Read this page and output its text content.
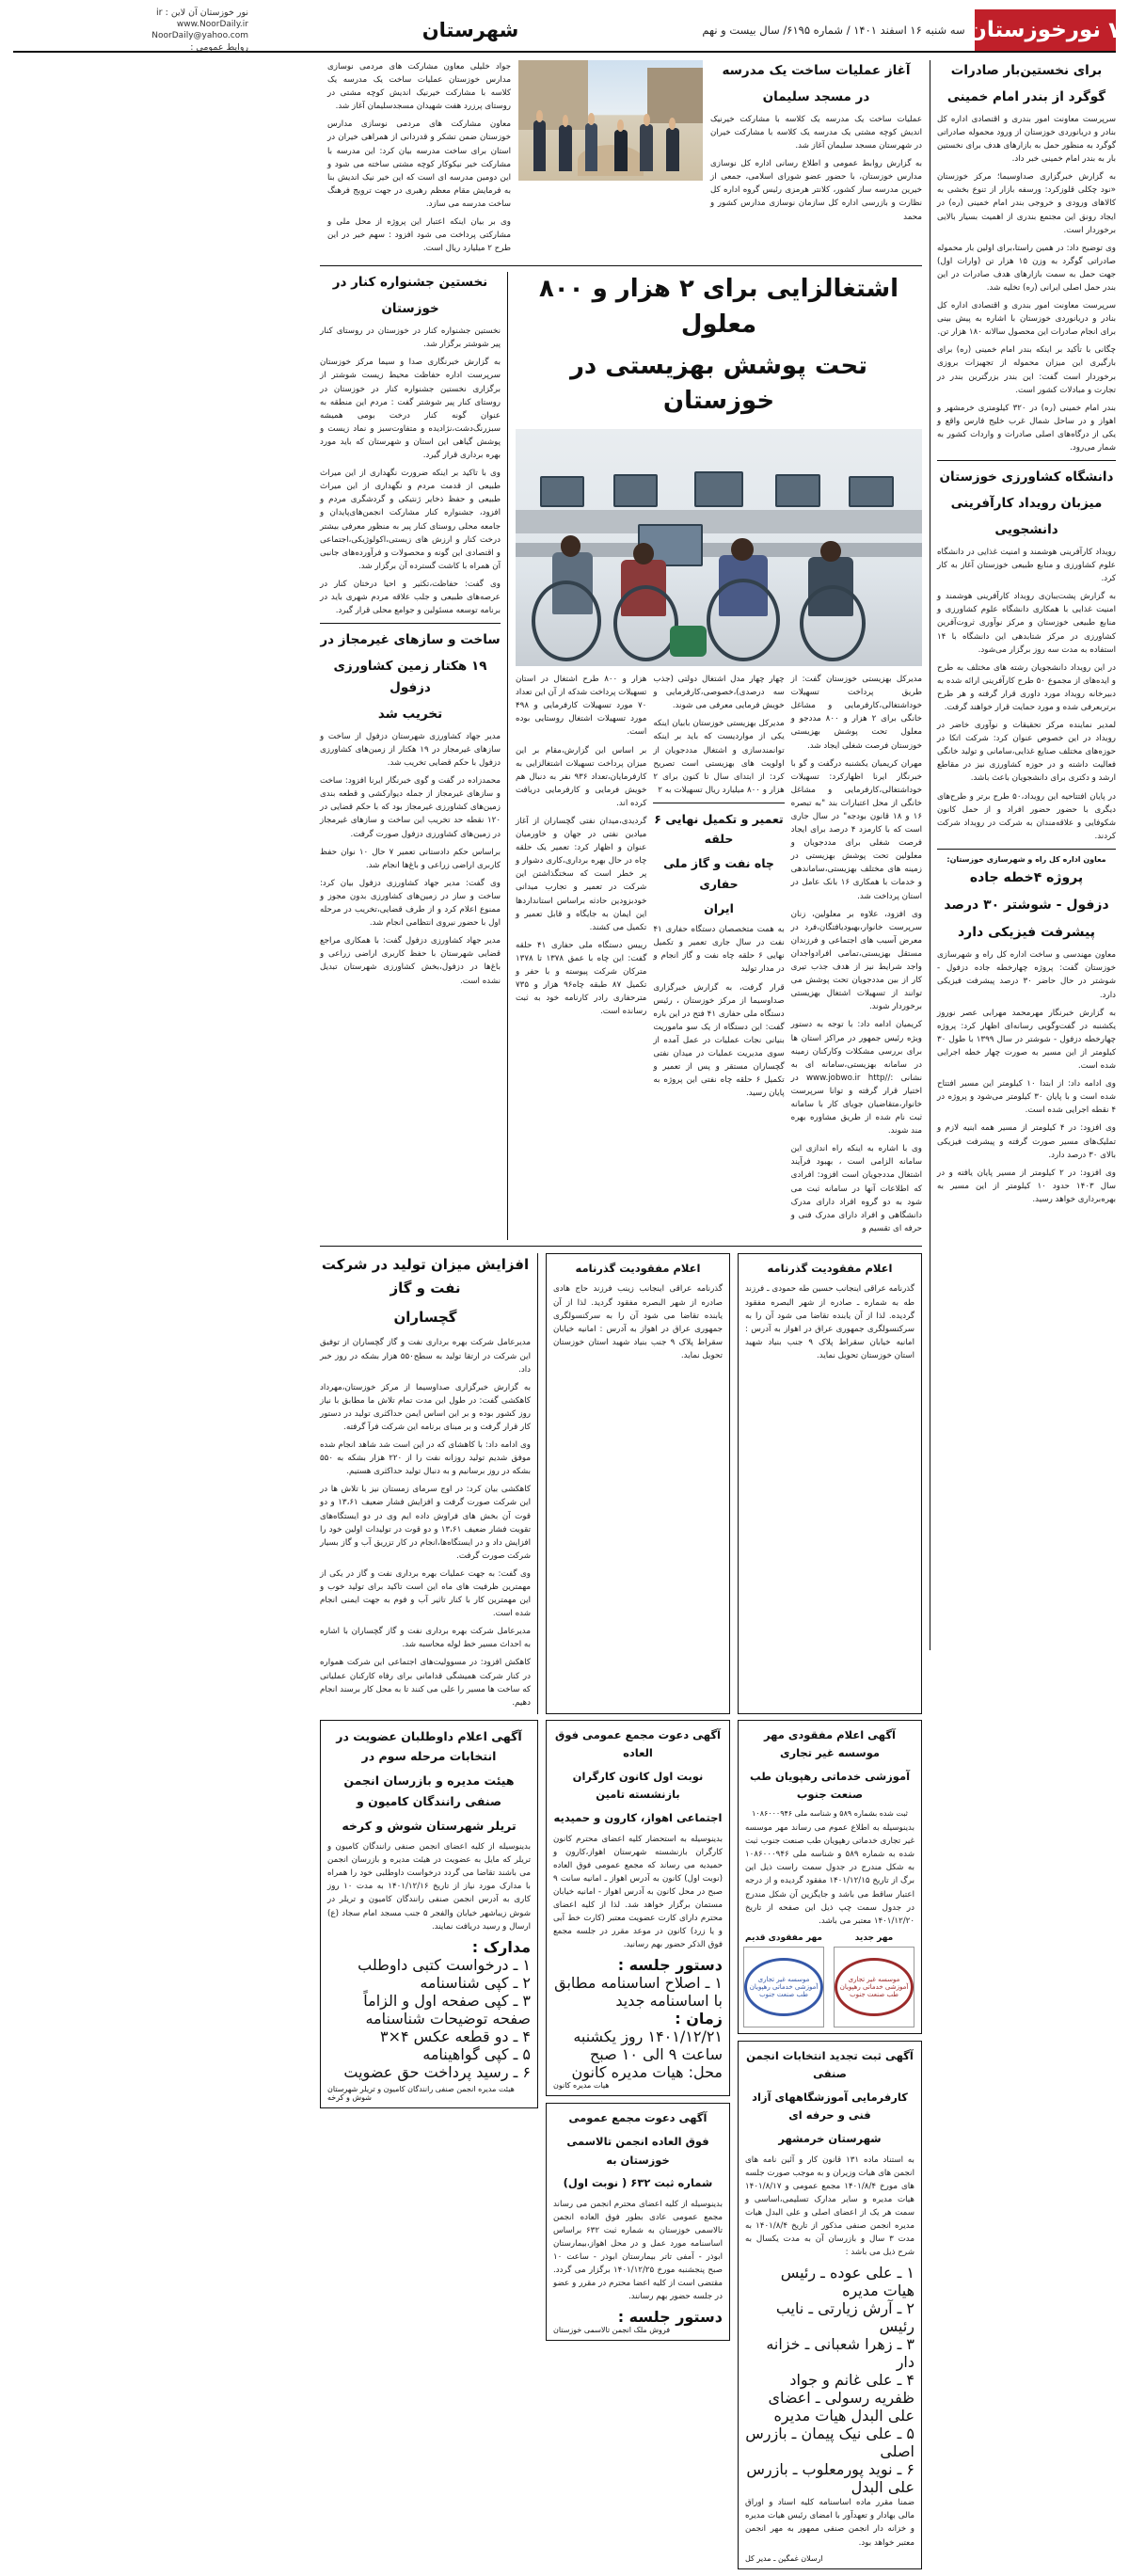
۷
نورخوزستان
سه شنبه ۱۶ اسفند ۱۴۰۱ / شماره ۶۱۹۵/ سال بیست و نهم
شهرستان
نور خوزستان آن لاین : ir
www.NoorDaily.ir
NoorDaily@yahoo.com
روابط عمومی :
آغاز عملیات ساخت یک مدرسه
در مسجد سلیمان

عملیات ساخت یک مدرسه یک کلاسه با مشارکت خیرنیک اندیش کوچه مشتی یک مدرسه یک کلاسه با مشارکت خیران در شهرستان مسجد سلیمان آغاز شد.

به گزارش روابط عمومی و اطلاع رسانی اداره کل نوسازی مدارس خوزستان، با حضور عضو شورای اسلامی، جمعی از خیرین مدرسه ساز کشور، کلانتر هرمزی رئیس گروه اداره کل نظارت و بازرسی اداره کل سازمان نوسازی مدارس کشور و محمد

جواد خلیلی معاون مشارکت های مردمی نوسازی مدارس خوزستان عملیات ساخت یک مدرسه یک کلاسه با مشارکت خیرنیک اندیش کوچه مشتی در روستای پرزرد هفت شهیدان مسجدسلیمان آغاز شد.

معاون مشارکت های مردمی نوسازی مدارس خوزستان ضمن تشکر و قدردانی از همراهی خیران در استان برای ساخت مدرسه بیان کرد: این مدرسه با مشارکت خیر نیکوکار کوچه مشتی ساخته می شود و این دومین مدرسه ای است که این خیر نیک اندیش بنا به فرمایش مقام معظم رهبری در جهت ترویج فرهنگ ساخت مدرسه می سازد.

وی بر بیان اینکه اعتبار این پروژه از محل ملی و مشارکتی پرداخت می شود افزود : سهم خیر در این طرح ۲ میلیارد ریال است.

اشتغالزایی برای ۲ هزار و ۸۰۰ معلول
تحت پوشش بهزیستی در خوزستان

مدیرکل بهزیستی خوزستان گفت: از طریق پرداخت تسهیلات خوداشتغالی،کارفرمایی و مشاغل خانگی برای ۲ هزار و ۸۰۰ مددجو و معلول تحت پوشش بهزیستی خوزستان فرصت شغلی ایجاد شد.

مهران کریمیان یکشنبه درگفت و گو با خبرنگار ایرنا اظهارکرد: تسهیلات خوداشتغالی،کارفرمایی و مشاغل خانگی از محل اعتبارات بند "به تبصره ۱۶ و ۱۸ قانون بودجه" در سال جاری است که با کارمزد ۴ درصد برای ایجاد فرصت شغلی برای مددجویان و معلولین تحت پوشش بهزیستی در زمینه های مختلف بهزیستی،ساماندهی و خدمات با همکاری ۱۶ بانک عامل در استان پرداخت شد.

وی افزود، علاوه بر معلولین، زنان سرپرست خانوار،بهبودیافتگان،فرد در معرض آسیب های اجتماعی و فرزندان مستقل بهزیستی،تمامی افرادواجدان واجد شرایط نیز از هدف جذب تیری کار از بین مددجویان تحت پوشش می توانند از تسهیلات اشتغال بهزیستی برخوردار شوند.

کریمیان ادامه داد: با توجه به دستور ویژه رئیس جمهور در مراکز استان ها برای بررسی مشکلات وکارکنان زمینه در سامانه بهزیستی،سامانه ای به نشانی ://www.jobwo.ir http در اختیار قرار گرفته و توانا سرپرست خانوار،متقاضیان جویای کار با سامانه ثبت نام شده از طریق مشاوره بهره مند شوند.

وی با اشاره به اینکه راه اندازی این سامانه الزامی است ، بهبود فرآیند اشتغال مددجویان است افزود: افرادی که اطلاعات آنها در سامانه ثبت می شود به دو گروه افراد دارای مدرک دانشگاهی و افراد دارای مدرک فنی و حرفه ای تقسیم و

چهار چهار مدل اشتغال دولتی (جذب سه درصدی)،خصوصی،کارفرمایی و خویش فرمایی معرفی می شوند.

مدیرکل بهزیستی خوزستان بابیان اینکه یکی از مواردیست که باید بر اینکه توانمندسازی و اشتغال مددجویان از اولویت های بهزیستی است تصریح کرد: از ابتدای سال تا کنون برای ۲ هزار و ۸۰۰ میلیارد ریال تسهیلات به ۲

تعمیر و تکمیل نهایی ۶ حلقه
چاه نفت و گاز ملی حفاری
ایران

به همت متخصصان دستگاه حفاری ۴۱ نفت در سال جاری تعمیر و تکمیل نهایی ۶ حلقه چاه نفت و گاز انجام و در مدار تولید

قرار گرفت، به گزارش خبرگزاری صداوسیما از مرکز خوزستان ، رئیس دستگاه ملی حفاری ۴۱ فتح در این باره گفت: این دستگاه از یک سو ماموریت بنیانی نجات عملیات در عمل آمده از سوی مدیریت عملیات در میدان نفتی گچساران مستقر و پس از تعمیر و تکمیل ۶ حلقه چاه نفتی این پروژه به پایان رسید.

هزار و ۸۰۰ طرح اشتغال در استان تسهیلات پرداخت شدکه از آن این تعداد ۷۰ مورد تسهیلات کارفرمایی و ۴۹۸ مورد تسهیلات اشتغال روستایی بوده است.

بر اساس این گزارش،مقام بر این میزان پرداخت تسهیلات اشتغالزایی به کارفرمایان،تعداد ۹۳۶ نفر به دنبال هم خویش فرمایی و کارفرمایی دریافت کرده اند.

گردیدی،میدان نفتی گچساران از آغاز میادین نفتی در جهان و خاورمیان عنوان و اظهار کرد: تعمیر یک حلقه چاه در حال بهره برداری،کاری دشوار و پر خطر است که سختگذاشتن این شرکت در تعمیر و تجارب میدانی خودبزودین حادثه براساس استانداردها این ایمان به جایگاه و قابل تعمیر و تکمیل می کشند.

رییس دستگاه ملی حفاری ۴۱ حلقه گفت: این چاه با عمق ۱۳۷۸ تا ۱۳۷۸ مترکان شرکت پیوسته و با حفر و تکمیل ۸۷ طبقه چاه۹۶ هزار و ۷۳۵ مترحفاری رادر کارنامه خود به ثبت رسانده است.

نخستین جشنواره کنار در
خوزستان

نخستین جشنواره کنار در خوزستان در روستای کنار پیر شوشتر برگزار شد.

به گزارش خبرنگاری صدا و سیما مرکز خوزستان سرپرست اداره حفاظت محیط زیست شوشتر از برگزاری نخستین جشنواره کنار در خوزستان در روستای کنار پیر شوشتر گفت : مردم این منطقه به عنوان گونه کنار درخت بومی همیشه سبزرنگ‌دشت،نژادیده و متفاوت‌سبز و نماد زیست و پوشش گیاهی این استان و شهرستان که باید مورد بهره برداری قرار گیرد.

وی با تاکید بر اینکه ضرورت نگهداری از این میراث طبیعی از قدمت مردم و نگهداری از این میراث طبیعی و حفظ ذخایر ژنتیکی و گردشگری مردم و افزود، جشنواره کنار مشارکت انجمن‌های‌پایدان و جامعه محلی روستای کنار پیر به منظور معرفی بیشتر درخت کنار و ارزش های زیستی،اکولوژیکی،اجتماعی و اقتصادی این گونه و محصولات و فرآورده‌های جانبی آن همراه با کاشت گسترده آن برگزار شد.

وی گفت: حفاظت،تکثیر و احیا درختان کنار در عرصه‌های طبیعی و جلب علاقه مردم شهری باید در برنامه توسعه مسئولین و جوامع محلی قرار گیرد.

ساخت و سازهای غیرمجاز در
۱۹ هکتار زمین کشاورزی دزفول
تخریب شد

مدیر جهاد کشاورزی شهرستان دزفول از ساخت و سازهای غیرمجاز در ۱۹ هکتار از زمین‌های کشاورزی دزفول با حکم قضایی تخریب شد.

محمدزاده در گفت و گوی خبرنگار ایرنا افزود: ساخت و سازهای غیرمجاز از جمله دیوارکشی و قطعه بندی زمین‌های کشاورزی غیرمجاز بود که با حکم قضایی در ۱۲۰ نقطه حد تخریب این ساخت و سازهای غیرمجاز در زمین‌های کشاورزی دزفول صورت گرفت.

براساس حکم دادستانی تعمیر ۷ حال ۱۰ نوان حفظ کاربری اراضی زراعی و باغ‌ها انجام شد.

وی گفت: مدیر جهاد کشاورزی دزفول بیان کرد: ساخت و ساز در زمین‌های کشاورزی بدون مجوز و ممنوع اعلام کرد و از طرف قضایی،تخریب در مرحله اول با حضور نیروی انتظامی انجام شد.

مدیر جهاد کشاورزی دزفول گفت: با همکاری مراجع قضایی شهرستان با حفظ کاربری اراضی زراعی و باغ‌ها در دزفول،بخش کشاورزی شهرستان تبدیل نشده است.

اعلام مفقودیت گذرنامه

گذرنامه عراقی اینجانب حسین طه حمودی ـ فرزند طه به شماره ـ صادره از شهر البصره مفقود گردیده. لذا از آن یابنده تقاضا می شود آن را به سرکنسولگری جمهوری عراق در اهواز به آدرس : امانیه خیابان سقراط پلاک ۹ جنب بنیاد شهید استان خوزستان تحویل نماید.

اعلام مفقودیت گذرنامه

گذرنامه عراقی اینجانب زینب فرزند حاج هادی صادره از شهر البصره مفقود گردید. لذا از آن یابنده تقاضا می شود آن را به سرکنسولگری جمهوری عراق در اهواز به آدرس : امانیه خیابان سقراط پلاک ۹ جنب بنیاد شهید استان خوزستان تحویل نماید.

افزایش میزان تولید در شرکت نفت و گاز
گچساران

مدیرعامل شرکت بهره برداری نفت و گاز گچساران از توفیق این شرکت در ارتقا تولید به سطح۵۵۰ هزار بشکه در روز خبر داد.

به گزارش خبرگزاری صداوسیما از مرکز خوزستان،مهرداد کاهکشی گفت: در طول این مدت تمام تلاش ما مطابق با نیاز روز کشور بوده و بر این اساس ایمن حداکثری تولید در دستور کار قرار گرفت و بر مبنای برنامه این شرکت فرآ گرفته.

وی ادامه داد: با کاهشای که در این است شد شاهد انجام شده موفق شدیم تولید روزانه نفت را از ۲۲۰ هزار بشکه به ۵۵۰ بشکه در روز برسانیم و به دنبال تولید حداکثری هستیم.

کاهکشی بیان کرد: در اوج سرمای زمستان نیز با تلاش ها در این شرکت صورت گرفت و افزایش فشار ضعیف ۱۳،۶۱ و دو قوت آن بخش های فراوش داده ایم وی در دو ایستگاه‌های تقویت فشار ضعیف ۱۳،۶۱ و دو قوت در تولیدات اولین خود را افزایش داد و در ایستگاه‌ها،انجام در کار تزریق آب و گاز بسیار شرکت صورت گرفت.

وی گفت: به جهت عملیات بهره برداری نفت و گاز در یکی از مهمترین ظرفیت های ماه این است تاکید برای تولید خوب و این مهمترین کار با کنار تاثیر آب و فوم به جهت ایمنی انجام شده است.

مدیرعامل شرکت بهره برداری نفت و گاز گچساران با اشاره به احداث مسیر خط لوله محاسبه شد.

کاهکش افزود: در مسوولیت‌های اجتماعی این شرکت همواره در کنار شرکت همیشگی قدامانی برای رفاه کارکنان عملیاتی که ساخت ها مسیر را علی می کنند تا به محل کار برسند انجام دهیم.

آگهی اعلام مفقودی مهر موسسه غیر تجاری
آموزشی خدماتی رهپویان طب صنعت جنوب
ثبت شده بشماره ۵۸۹ و شناسه ملی ۱۰۸۶۰۰۰۹۴۶

بدینوسیله به اطلاع عموم می رساند مهر موسسه غیر تجاری خدماتی رهپویان طب صنعت جنوب ثبت شده به شماره ۵۸۹ و شناسه ملی ۱۰۸۶۰۰۰۹۴۶ به شکل مندرج در جدول سمت راست ذیل این برگ از تاریخ ۱۴۰۱/۱۲/۱۵ مفقود گردیده و از درجه اعتبار ساقط می باشد و جایگزین آن شکل مندرج در جدول سمت چپ ذیل این صفحه از تاریخ ۱۴۰۱/۱۲/۲۰ معتبر می باشد.

مهر جدید
موسسه غیر تجاری آموزشی خدماتی رهپویان طب صنعت جنوب
مهر مفقودی قدیم
موسسه غیر تجاری آموزشی خدماتی رهپویان طب صنعت جنوب
آگهی ثبت تجدید انتخابات انجمن صنفی
کارفرمایی آموزشگاههای آزاد فنی و حرفه ای
شهرستان خرمشهر

به استناد ماده ۱۳۱ قانون کار و آئین نامه های انجمن های هیات وزیران و به موجب صورت جلسه های مورخ ۱۴۰۱/۸/۴ مجمع عمومی و ۱۴۰۱/۸/۱۷ هیات مدیره و سایر مدارک تسلیمی،اساسی و سمت هر یک از اعضای اصلی و علی البدل هیات مدیره انجمن صنفی مذکور از تاریخ ۱۴۰۱/۸/۴ به مدت ۳ سال و بازرسان آن به مدت یکسال به شرح ذیل می باشد :

۱ ـ علی عوده ـ رئیس هیات مدیره
۲ ـ آرش زیارتی ـ نایب رئیس
۳ ـ زهرا شعبانی ـ خزانه دار
۴ ـ علی غانم و جواد ظفریه رسولی ـ اعضای علی البدل هیات مدیره
۵ ـ علی نیک پیمان ـ بازرس اصلی
۶ ـ نوید پورمعلوب ـ بازرس علی البدل

ضمنا مقرر ماده اساسنامه کلیه اسناد و اوراق مالی بهادار و تعهدآور با امضای رئیس هیات مدیره و خزانه دار انجمن صنفی ممهور به مهر انجمن معتبر خواهد بود.

ارسلان غمگین ـ مدیر کل
آگهی دعوت مجمع عمومی فوق العاده
نوبت اول کانون کارگران بازنشسته تامین
اجتماعی اهواز، کارون و حمیدیه

بدینوسیله به استحضار کلیه اعضای محترم کانون کارگران بازنشسته شهرستان اهواز،کارون و حمیدیه می رساند که مجمع عمومی فوق العاده (نوبت اول) کانون به آدرس اهواز ـ امانیه سانت ۹ صبح در محل کانون به آدرس اهواز - امانیه خیابان مستمان برگزار خواهد شد. لذا از کلیه اعضای محترم دارای کارت عضویت معتبر (کارت خط آبی و یا زرد) کانون در موعد مقرر در جلسه مجمع فوق الذکر حضور بهم رسانید.

دستور جلسه :
۱ ـ اصلاح اساسنامه مطابق با اساسنامه جدید
زمان :
۱۴۰۱/۱۲/۲۱ روز یکشنبه ساعت ۹ الی ۱۰ صبح
محل: هیات مدیره کانون
هیات مدیره کانون
آگهی دعوت مجمع عمومی
فوق العاده انجمن تالاسمی خوزستان به
شماره ثبت ۶۳۲ ( نوبت اول)

بدینوسیله از کلیه اعضای محترم انجمن می رساند مجمع عمومی عادی بطور فوق العاده انجمن تالاسمی خوزستان به شماره ثبت ۶۳۲ براساس اساسنامه مورد عمل و در محل اهواز،بیمارستان ابوذر - آمفی تاتر بیمارستان ابوذر - ساعت ۱۰ صبح پنجشنبه مورخ ۱۴۰۱/۱۲/۲۵ برگزار می گردد. مقتضی است از کلیه اعضا محترم در مقرر و عضو در جلسه حضور بهم رسانند.

دستور جلسه :
فروش ملک انجمن تالاسمی خوزستان
آگهی اعلام داوطلبان عضویت در انتخابات مرحله سوم در
هیئت مدیره و بازرسان انجمن صنفی رانندگان کامیون و
تریلر شهرستان شوش و کرخه

بدینوسیله از کلیه اعضای انجمن صنفی رانندگان کامیون و تریلر که مایل به عضویت در هیئت مدیره و بازرسان انجمن می باشند تقاضا می گردد درخواست داوطلبی خود را همراه با مدارک مورد نیاز از تاریخ ۱۴۰۱/۱۲/۱۶ به مدت ۱۰ روز کاری به آدرس انجمن صنفی رانندگان کامیون و تریلر در شوش زیباشهر خیابان والفجر ۵ جنب مسجد امام سجاد (ع) ارسال و رسید دریافت نمایند.

مدارک :
۱ ـ درخواست کتبی داوطلب
۲ ـ کپی شناسنامه
۳ ـ کپی صفحه اول و الزاماً صفحه توضیحات شناسنامه
۴ ـ دو قطعه عکس ۴×۳
۵ ـ کپی گواهینامه
۶ ـ رسید پرداخت حق عضویت
هیئت مدیره انجمن صنفی رانندگان کامیون و تریلر شهرستان شوش و کرخه
برای نخستین‌بار صادرات
گوگرد از بندر امام خمینی

سرپرست معاونت امور بندری و اقتصادی اداره کل بنادر و دریانوردی خوزستان از ورود محموله صادراتی گوگرد به منظور حمل به بازارهای هدف برای نخستین بار به بندر امام خمینی خبر داد.

به گزارش خبرگزاری صداوسیما؛ مرکز خوزستان «نود چکلی قلوزکرد: ورسفه بازار از تنوع بخشی به کالاهای ورودی و خروجی بندر امام خمینی (ره) در ایجاد رونق این مجتمع بندری از اهمیت بسیار بالایی برخوردار است.

وی توضیح داد: در همین راستا،برای اولین بار محموله صادراتی گوگرد به وزن ۱۵ هزار تن (وارات اول) جهت حمل به سمت بازارهای هدف صادرات در این بندر حمل اصلی ایرانی (ره) تخلیه شد.

سرپرست معاونت امور بندری و اقتصادی اداره کل بنادر و دریانوردی خوزستان با اشاره به پیش بینی برای انجام صادرات این محصول سالانه ۱۸۰ هزار تن.

چگانی با تأکید بر اینکه بندر امام خمینی (ره) برای بارگیری این میزان محموله از تجهیزات بروزی برخوردار است گفت: این بندر بزرگترین بندر در تجارت و مبادلات کشور است.

بندر امام خمینی (ره) در ۳۲۰ کیلومتری خرمشهر و اهواز و در ساحل شمال غرب خلیج فارس واقع و یکی از درگاه‌های اصلی صادرات و واردات کشور به شمار می‌رود.

دانشگاه کشاورزی خوزستان
میزبان رویداد کارآفرینی
دانشجویی

رویداد کارآفرینی هوشمند و امنیت غذایی در دانشگاه علوم کشاورزی و منابع طبیعی خوزستان آغاز به کار کرد.

به گزارش پشت‌یبان‌ی رویداد کارآفرینی هوشمند و امنیت غذایی با همکاری دانشگاه علوم کشاورزی و منابع طبیعی خوزستان و مرکز نوآوری ثروت‌آفرین کشاورزی در مرکز شتابدهی این دانشگاه با ۱۴ استفاده به مدت سه روز برگزار می‌شود.

در این رویداد دانشجویان رشته های مختلف به طرح و ایده‌های از مجموع ۵۰ طرح کارآفرینی ارائه‌ شده به دبیرخانه رویداد مورد داوری قرار گرفته و هر طرح برتربعرفی شده و مورد حمایت قرار خواهند گرفت.

لمدیر نماینده مرکز تحقیقات و نوآوری خاضر در رویداد در این خصوص عنوان کرد: شرکت اتکا در حوزه‌های مختلف صنایع غذایی،سامانی و تولید خانگی فعالیت داشته و در حوزه کشاورزی نیز در مقاطع ارشد و دکتری برای دانشجویان باعث باشد.

در پایان افتتاحیه این رویداد،۵۰ طرح برتر و طرح‌های دیگری با حضور حضور افراد و از حمل کانون شکوفایی و علاقه‌مندان به شرکت در رویداد شرکت کردند.

معاون اداره کل راه و شهرسازی خوزستان:
پروژه ۴خطه جاده
دزفول - شوشتر ۳۰ درصد
پیشرفت فیزیکی دارد

معاون مهندسی و ساخت اداره کل راه و شهرسازی خوزستان گفت: پروژه چهارخطه جاده دزفول - شوشتر در حال حاضر ۳۰ درصد پیشرفت فیزیکی دارد.

به گزارش خبرنگار مهرمحمد مهرابی عصر نوروز یکشنبه در گفت‌وگویی رسانه‌ای اظهار کرد: پروژه چهارخطه دزفول - شوشتر در سال ۱۳۹۹ با طول ۳۰ کیلومتر از این مسیر به صورت چهار خطه اجرایی شده است.

وی ادامه داد: از ابتدا ۱۰ کیلومتر این مسیر افتتاح شده است و با پایان ۳۰ کیلومتر می‌شود و پروژه در ۴ نقطه اجرایی شده است.

وی افزود: در ۴ کیلومتر از مسیر همه ابنیه لازم و تملیک‌های مسیر صورت گرفته و پیشرفت فیزیکی بالای ۳۰ درصد دارد.

وی افزود: در ۲ کیلومتر از مسیر پایان یافته و در سال ۱۴۰۳ حدود ۱۰ کیلومتر از این مسیر به بهره‌برداری خواهد رسید.
